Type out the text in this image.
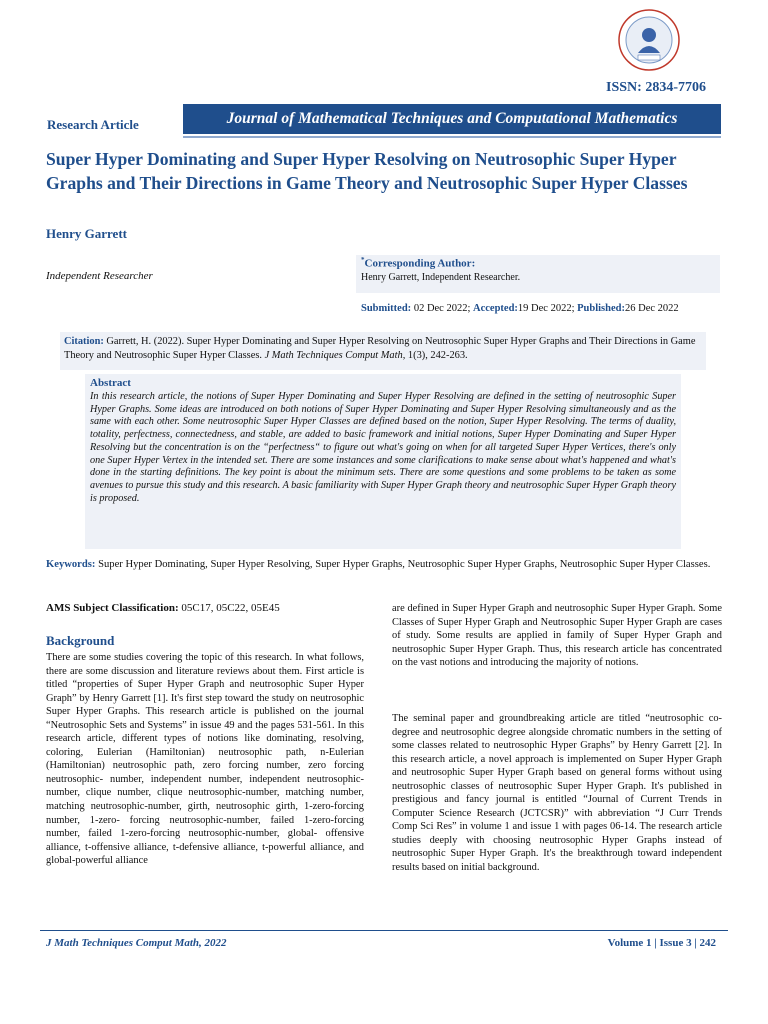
ISSN: 2834-7706
Research Article	Journal of Mathematical Techniques and Computational Mathematics
Super Hyper Dominating and Super Hyper Resolving on Neutrosophic Super Hyper Graphs and Their Directions in Game Theory and Neutrosophic Super Hyper Classes
Henry Garrett
Independent Researcher
*Corresponding Author:
Henry Garrett, Independent Researcher.
Submitted: 02 Dec 2022; Accepted:19 Dec 2022; Published:26 Dec 2022
Citation: Garrett, H. (2022). Super Hyper Dominating and Super Hyper Resolving on Neutrosophic Super Hyper Graphs and Their Directions in Game Theory and Neutrosophic Super Hyper Classes. J Math Techniques Comput Math, 1(3), 242-263.
Abstract
In this research article, the notions of Super Hyper Dominating and Super Hyper Resolving are defined in the setting of neutrosophic Super Hyper Graphs. Some ideas are introduced on both notions of Super Hyper Dominating and Super Hyper Resolving simultaneously and as the same with each other. Some neutrosophic Super Hyper Classes are defined based on the notion, Super Hyper Resolving. The terms of duality, totality, perfectness, connectedness, and stable, are added to basic framework and initial notions, Super Hyper Dominating and Super Hyper Resolving but the concentration is on the “perfectness“ to figure out what's going on when for all targeted Super Hyper Vertices, there's only one Super Hyper Vertex in the intended set. There are some instances and some clarifications to make sense about what's happened and what's done in the starting definitions. The key point is about the minimum sets. There are some questions and some problems to be taken as some avenues to pursue this study and this research. A basic familiarity with Super Hyper Graph theory and neutrosophic Super Hyper Graph theory is proposed.
Keywords: Super Hyper Dominating, Super Hyper Resolving, Super Hyper Graphs, Neutrosophic Super Hyper Graphs, Neutrosophic Super Hyper Classes.
AMS Subject Classification: 05C17, 05C22, 05E45
Background
There are some studies covering the topic of this research. In what follows, there are some discussion and literature reviews about them. First article is titled “properties of Super Hyper Graph and neutrosophic Super Hyper Graph” by Henry Garrett [1]. It's first step toward the study on neutrosophic Super Hyper Graphs. This research article is published on the journal “Neutrosophic Sets and Systems” in issue 49 and the pages 531-561. In this research article, different types of notions like dominating, resolving, coloring, Eulerian (Hamiltonian) neutrosophic path, n-Eulerian (Hamiltonian) neutrosophic path, zero forcing number, zero forcing neutrosophic- number, independent number, independent neutrosophic-number, clique number, clique neutrosophic-number, matching number, matching neutrosophic-number, girth, neutrosophic girth, 1-zero-forcing number, 1-zero- forcing neutrosophic-number, failed 1-zero-forcing number, failed 1-zero-forcing neutrosophic-number, global- offensive alliance, t-offensive alliance, t-defensive alliance, t-powerful alliance, and global-powerful alliance
are defined in Super Hyper Graph and neutrosophic Super Hyper Graph. Some Classes of Super Hyper Graph and Neutrosophic Super Hyper Graph are cases of study. Some results are applied in family of Super Hyper Graph and neutrosophic Super Hyper Graph. Thus, this research article has concentrated on the vast notions and introducing the majority of notions.
The seminal paper and groundbreaking article are titled “neutrosophic co-degree and neutrosophic degree alongside chromatic numbers in the setting of some classes related to neutrosophic Hyper Graphs” by Henry Garrett [2]. In this research article, a novel approach is implemented on Super Hyper Graph and neutrosophic Super Hyper Graph based on general forms without using neutrosophic classes of neutrosophic Super Hyper Graph. It's published in prestigious and fancy journal is entitled “Journal of Current Trends in Computer Science Research (JCTCSR)” with abbreviation “J Curr Trends Comp Sci Res” in volume 1 and issue 1 with pages 06-14. The research article studies deeply with choosing neutrosophic Hyper Graphs instead of neutrosophic Super Hyper Graph. It's the breakthrough toward independent results based on initial background.
J Math Techniques Comput Math, 2022	Volume 1 | Issue 3 | 242
